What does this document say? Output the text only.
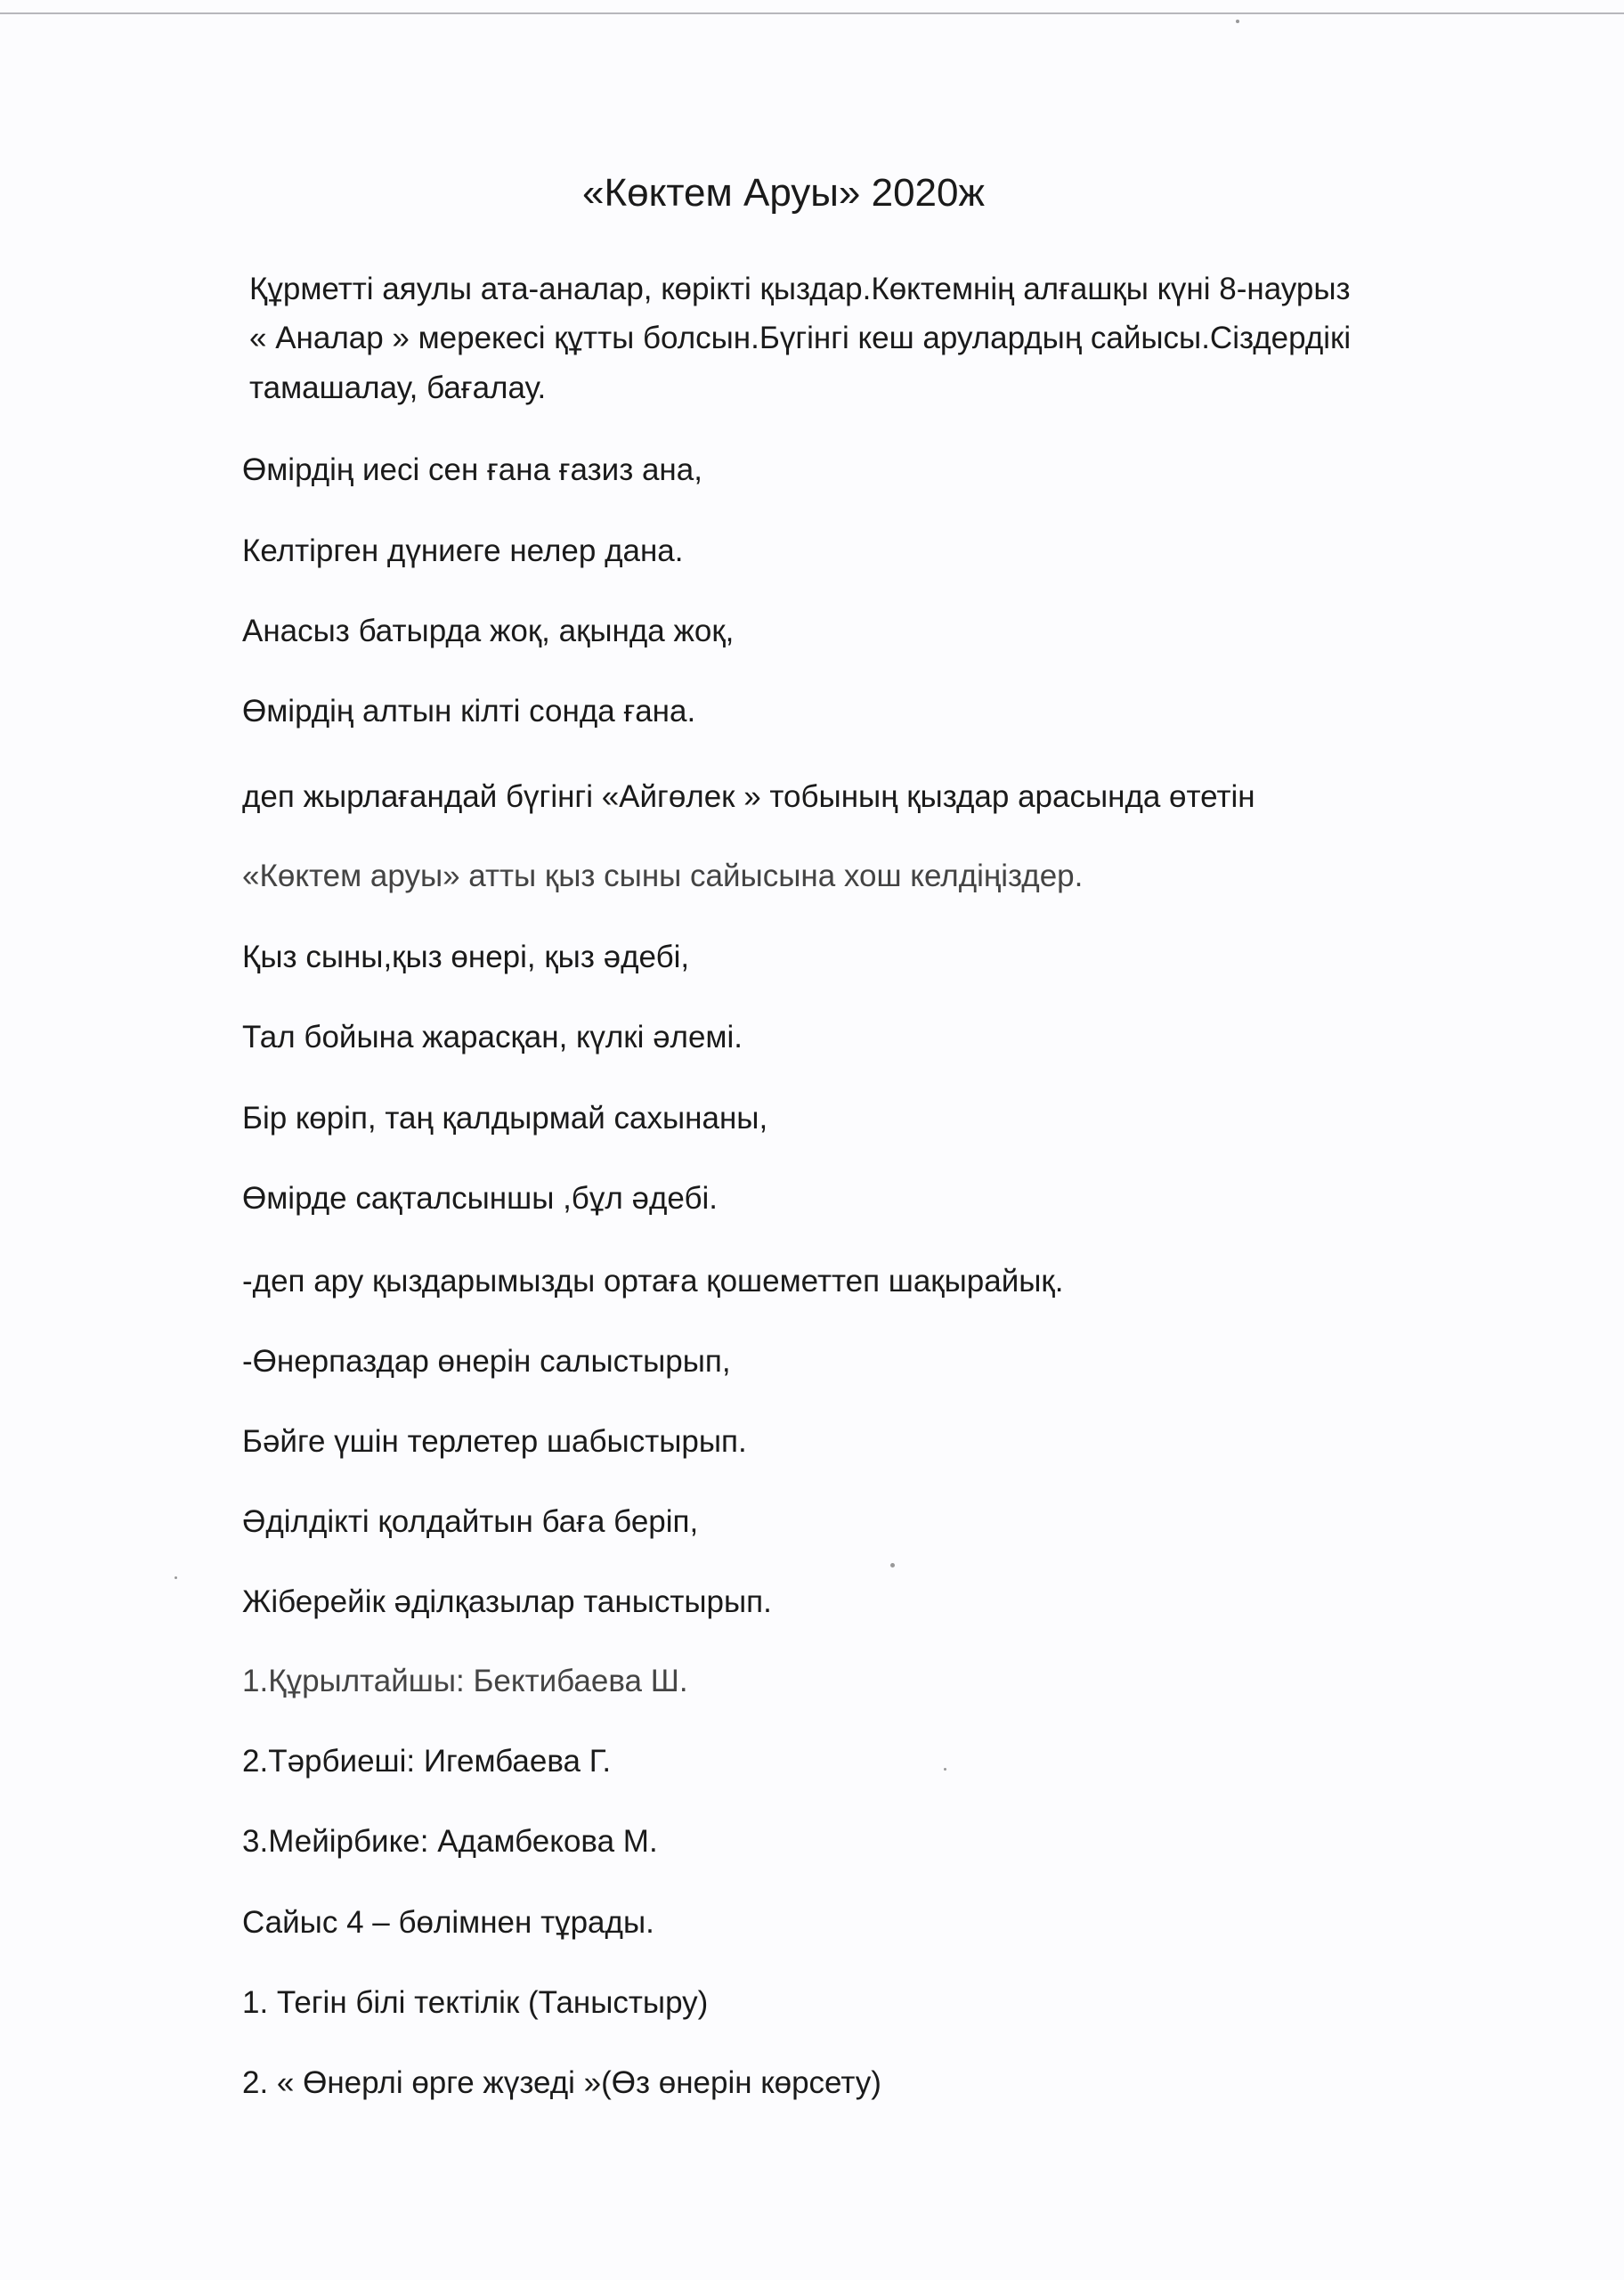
«Көктем Аруы» 2020ж
Құрметті аяулы ата-аналар, көрікті қыздар.Көктемнің алғашқы күні 8-наурыз
« Аналар » мерекесі құтты болсын.Бүгінгі кеш арулардың сайысы.Сіздердікі
тамашалау, бағалау.
Өмірдің иесі сен ғана ғазиз ана,
Келтірген дүниеге нелер дана.
Анасыз батырда жоқ, ақында жоқ,
Өмірдің алтын кілті сонда ғана.
деп жырлағандай бүгінгі «Айгөлек » тобының қыздар арасында өтетін
«Көктем аруы» атты қыз сыны сайысына хош келдіңіздер.
Қыз сыны,қыз өнері, қыз әдебі,
Тал бойына жарасқан, күлкі әлемі.
Бір көріп, таң қалдырмай сахынаны,
Өмірде сақталсыншы ,бұл әдебі.
-деп ару қыздарымызды ортаға қошеметтеп шақырайық.
-Өнерпаздар өнерін салыстырып,
Бәйге үшін терлетер шабыстырып.
Әділдікті қолдайтын баға беріп,
Жіберейік әділқазылар таныстырып.
1.Құрылтайшы: Бектибаева Ш.
2.Тәрбиеші: Игембаева Г.
3.Мейірбике: Адамбекова М.
Сайыс 4 – бөлімнен тұрады.
1. Тегін білі тектілік (Таныстыру)
2. « Өнерлі өрге жүзеді »(Өз өнерін көрсету)
